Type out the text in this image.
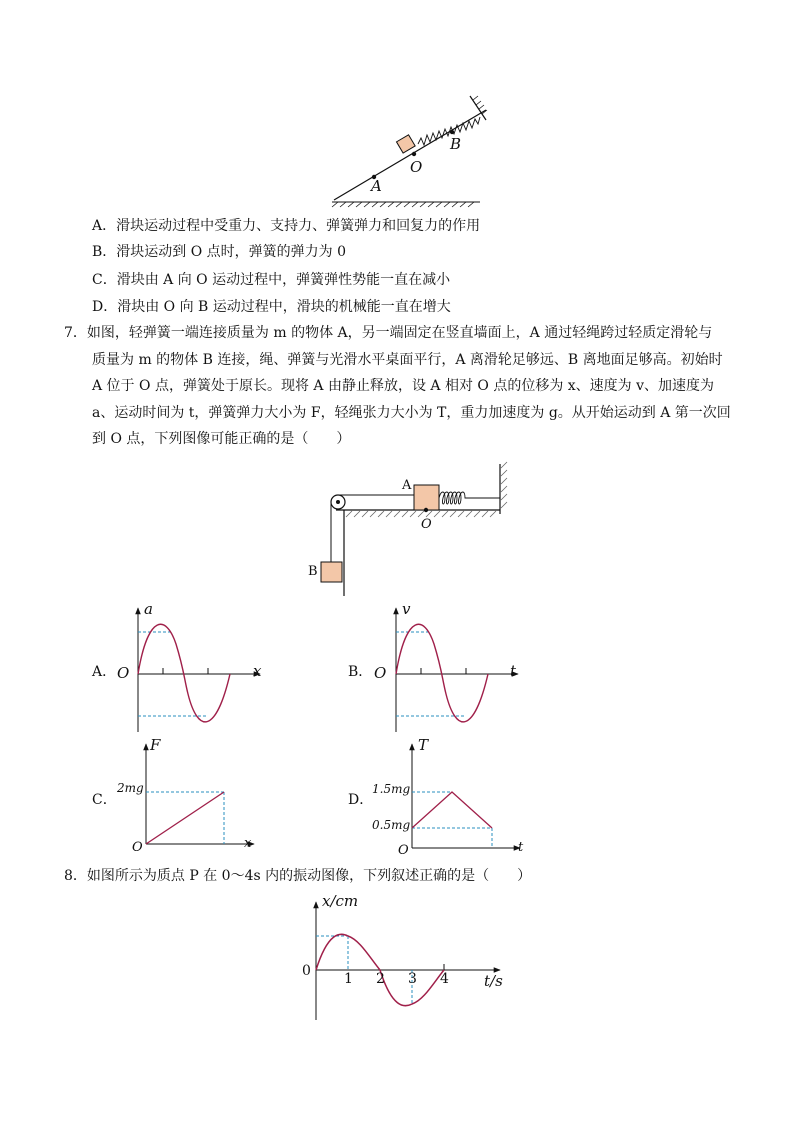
A
O
B
A．滑块运动过程中受重力、支持力、弹簧弹力和回复力的作用
B．滑块运动到 O 点时，弹簧的弹力为 0
C．滑块由 A 向 O 运动过程中，弹簧弹性势能一直在减小
D．滑块由 O 向 B 运动过程中，滑块的机械能一直在增大
7．如图，轻弹簧一端连接质量为 m 的物体 A，另一端固定在竖直墙面上，A 通过轻绳跨过轻质定滑轮与
质量为 m 的物体 B 连接，绳、弹簧与光滑水平桌面平行，A 离滑轮足够远、B 离地面足够高。初始时
A 位于 O 点，弹簧处于原长。现将 A 由静止释放，设 A 相对 O 点的位移为 x、速度为 v、加速度为
a、运动时间为 t，弹簧弹力大小为 F，轻绳张力大小为 T，重力加速度为 g。从开始运动到 A 第一次回
到 O 点，下列图像可能正确的是（　　）
A
O
B
A．
a
x
O	B．
v
t
O
C．
F
x
O
2mg
D．
T
t
O
1.5mg
0.5mg
8．如图所示为质点 P 在 0～4s 内的振动图像，下列叙述正确的是（　　）
x/cm
t/s
0 1 2 3 4
